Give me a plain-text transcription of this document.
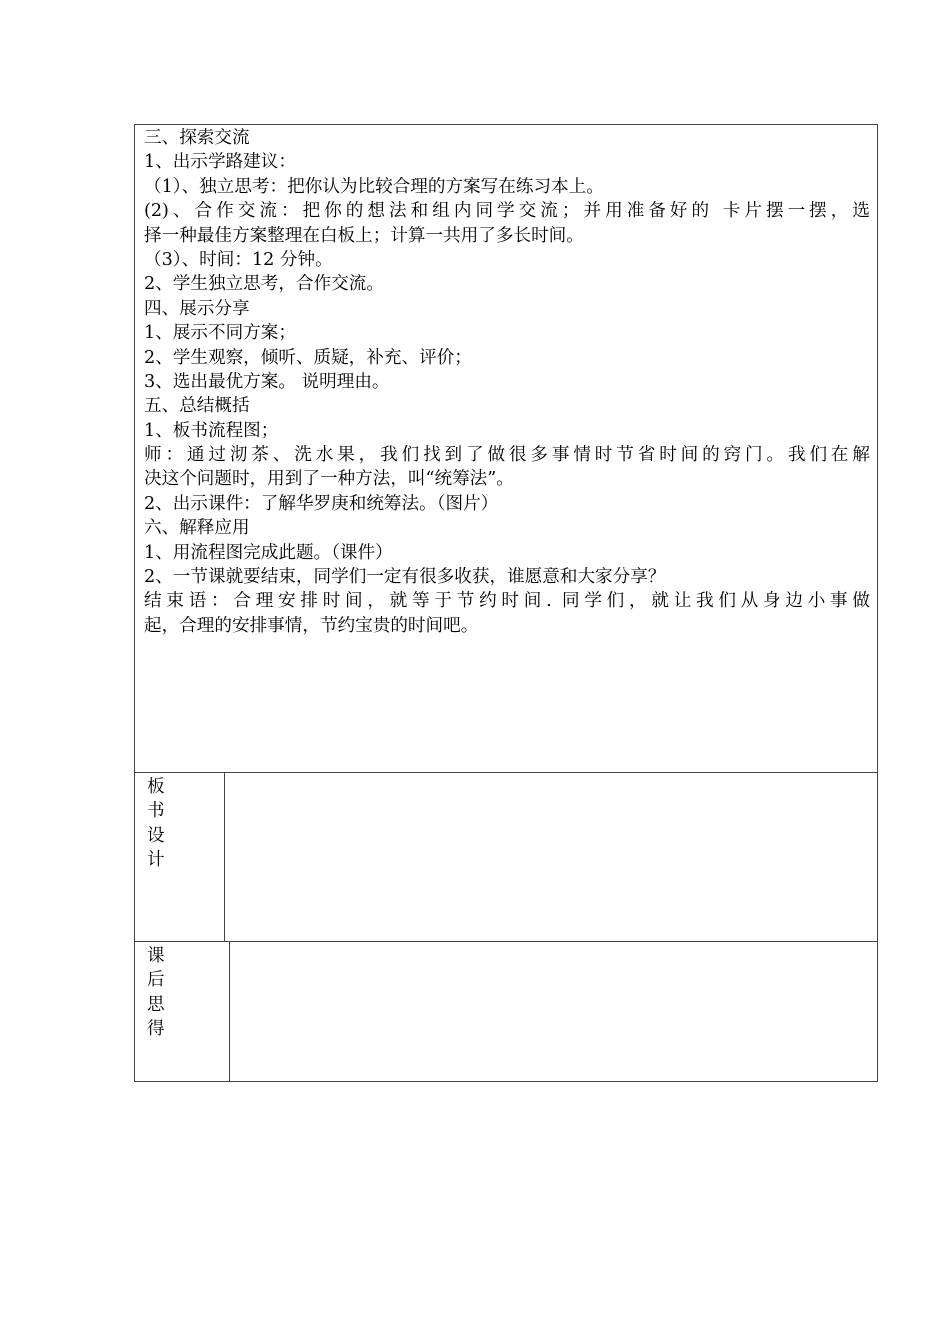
三、探索交流
1、出示学路建议：
（1）、独立思考：把你认为比较合理的方案写在练习本上。
(2)、合作交流：把你的想法和组内同学交流；并用准备好的 卡片摆一摆，选
择一种最佳方案整理在白板上；计算一共用了多长时间。
（3）、时间：12 分钟。
2、学生独立思考，合作交流。
四、展示分享
1、展示不同方案；
2、学生观察，倾听、质疑，补充、评价；
3、选出最优方案。 说明理由。
五、总结概括
1、板书流程图；
师：通过沏茶、洗水果，我们找到了做很多事情时节省时间的窍门。我们在解
决这个问题时，用到了一种方法，叫“统筹法”。
2、出示课件：了解华罗庚和统筹法。（图片）
六、解释应用
1、用流程图完成此题。（课件）
2、一节课就要结束，同学们一定有很多收获，谁愿意和大家分享？
结束语：合理安排时间，就等于节约时间. 同学们，就让我们从身边小事做
起，合理的安排事情，节约宝贵的时间吧。
板
书
设
计
课
后
思
得
